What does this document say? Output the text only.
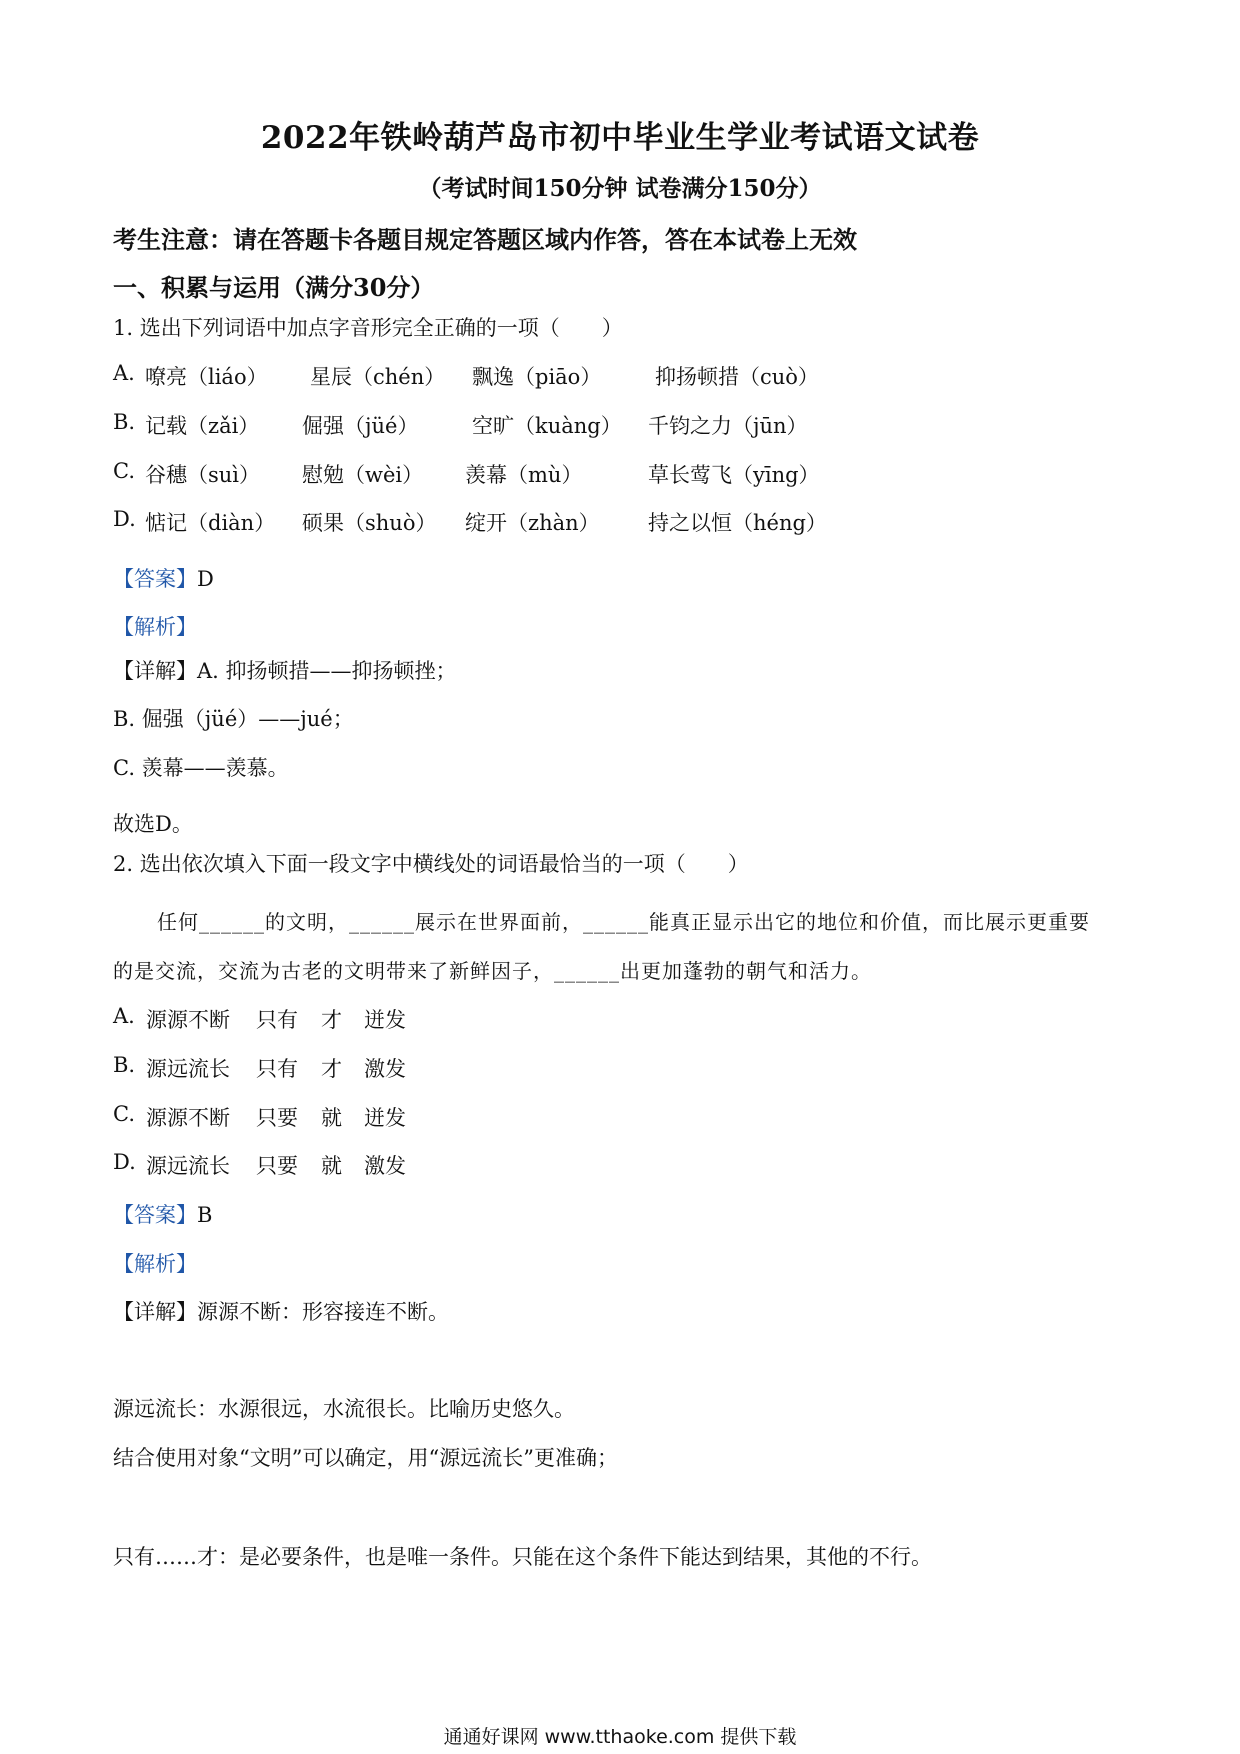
2022年铁岭葫芦岛市初中毕业生学业考试语文试卷
（考试时间150分钟 试卷满分150分）
考生注意：请在答题卡各题目规定答题区域内作答，答在本试卷上无效
一、积累与运用（满分30分）
1. 选出下列词语中加点字音形完全正确的一项（　　）
A. 嘹亮（liáo） 星辰（chén） 飘逸（piāo）	抑扬顿措（cuò）
B. 记载（zǎi） 倔强（jüé）	空旷（kuàng） 千钧之力（jūn）
C. 谷穗（suì） 慰勉（wèi） 羡幕（mù）	草长莺飞（yīng）
D. 惦记（diàn） 硕果（shuò） 绽开（zhàn） 持之以恒（héng）
【答案】D
【解析】
【详解】A. 抑扬顿措——抑扬顿挫；
B. 倔强（jüé）——jué；
C. 羡幕——羡慕。
故选D。
2. 选出依次填入下面一段文字中横线处的词语最恰当的一项（　　）
任何______的文明，______展示在世界面前，______能真正显示出它的地位和价值，而比展示更重要
的是交流，交流为古老的文明带来了新鲜因子，______出更加蓬勃的朝气和活力。
A. 源源不断 只有 才 迸发
B. 源远流长 只有 才 激发
C. 源源不断 只要 就 迸发
D. 源远流长 只要 就 激发
【答案】B
【解析】
【详解】源源不断：形容接连不断。
源远流长：水源很远，水流很长。比喻历史悠久。
结合使用对象“文明”可以确定，用“源远流长”更准确；
只有……才：是必要条件，也是唯一条件。只能在这个条件下能达到结果，其他的不行。
通通好课网 www.tthaoke.com 提供下载
